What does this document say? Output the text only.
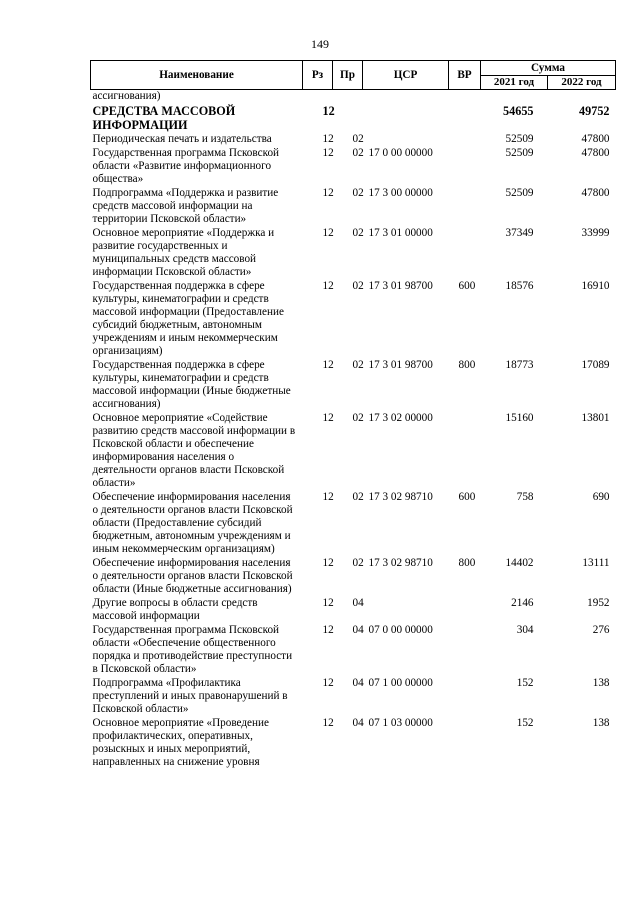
149
Наименование	Рз	Пр	ЦСР	ВР	Сумма	
					2021 год	2022 год
ассигнования)						
СРЕДСТВА МАССОВОЙ ИНФОРМАЦИИ	12				54655	49752
Периодическая печать и издательства	12	02			52509	47800
Государственная программа Псковской области «Развитие информационного общества»	12	02	17 0 00 00000		52509	47800
Подпрограмма «Поддержка и развитие средств массовой информации на территории Псковской области»	12	02	17 3 00 00000		52509	47800
Основное мероприятие «Поддержка и развитие государственных и муниципальных средств массовой информации Псковской области»	12	02	17 3 01 00000		37349	33999
Государственная поддержка в сфере культуры, кинематографии и средств массовой информации (Предоставление субсидий бюджетным, автономным учреждениям и иным некоммерческим организациям)	12	02	17 3 01 98700	600	18576	16910
Государственная поддержка в сфере культуры, кинематографии и средств массовой информации (Иные бюджетные ассигнования)	12	02	17 3 01 98700	800	18773	17089
Основное мероприятие «Содействие развитию средств массовой информации в Псковской области и обеспечение информирования населения о деятельности органов власти Псковской области»	12	02	17 3 02 00000		15160	13801
Обеспечение информирования населения о деятельности органов власти Псковской области (Предоставление субсидий бюджетным, автономным учреждениям и иным некоммерческим организациям)	12	02	17 3 02 98710	600	758	690
Обеспечение информирования населения о деятельности органов власти Псковской области (Иные бюджетные ассигнования)	12	02	17 3 02 98710	800	14402	13111
Другие вопросы в области средств массовой информации	12	04			2146	1952
Государственная программа Псковской области «Обеспечение общественного порядка и противодействие преступности в Псковской области»	12	04	07 0 00 00000		304	276
Подпрограмма «Профилактика преступлений и иных правонарушений в Псковской области»	12	04	07 1 00 00000		152	138
Основное мероприятие «Проведение профилактических, оперативных, розыскных и иных мероприятий, направленных на снижение уровня	12	04	07 1 03 00000		152	138
